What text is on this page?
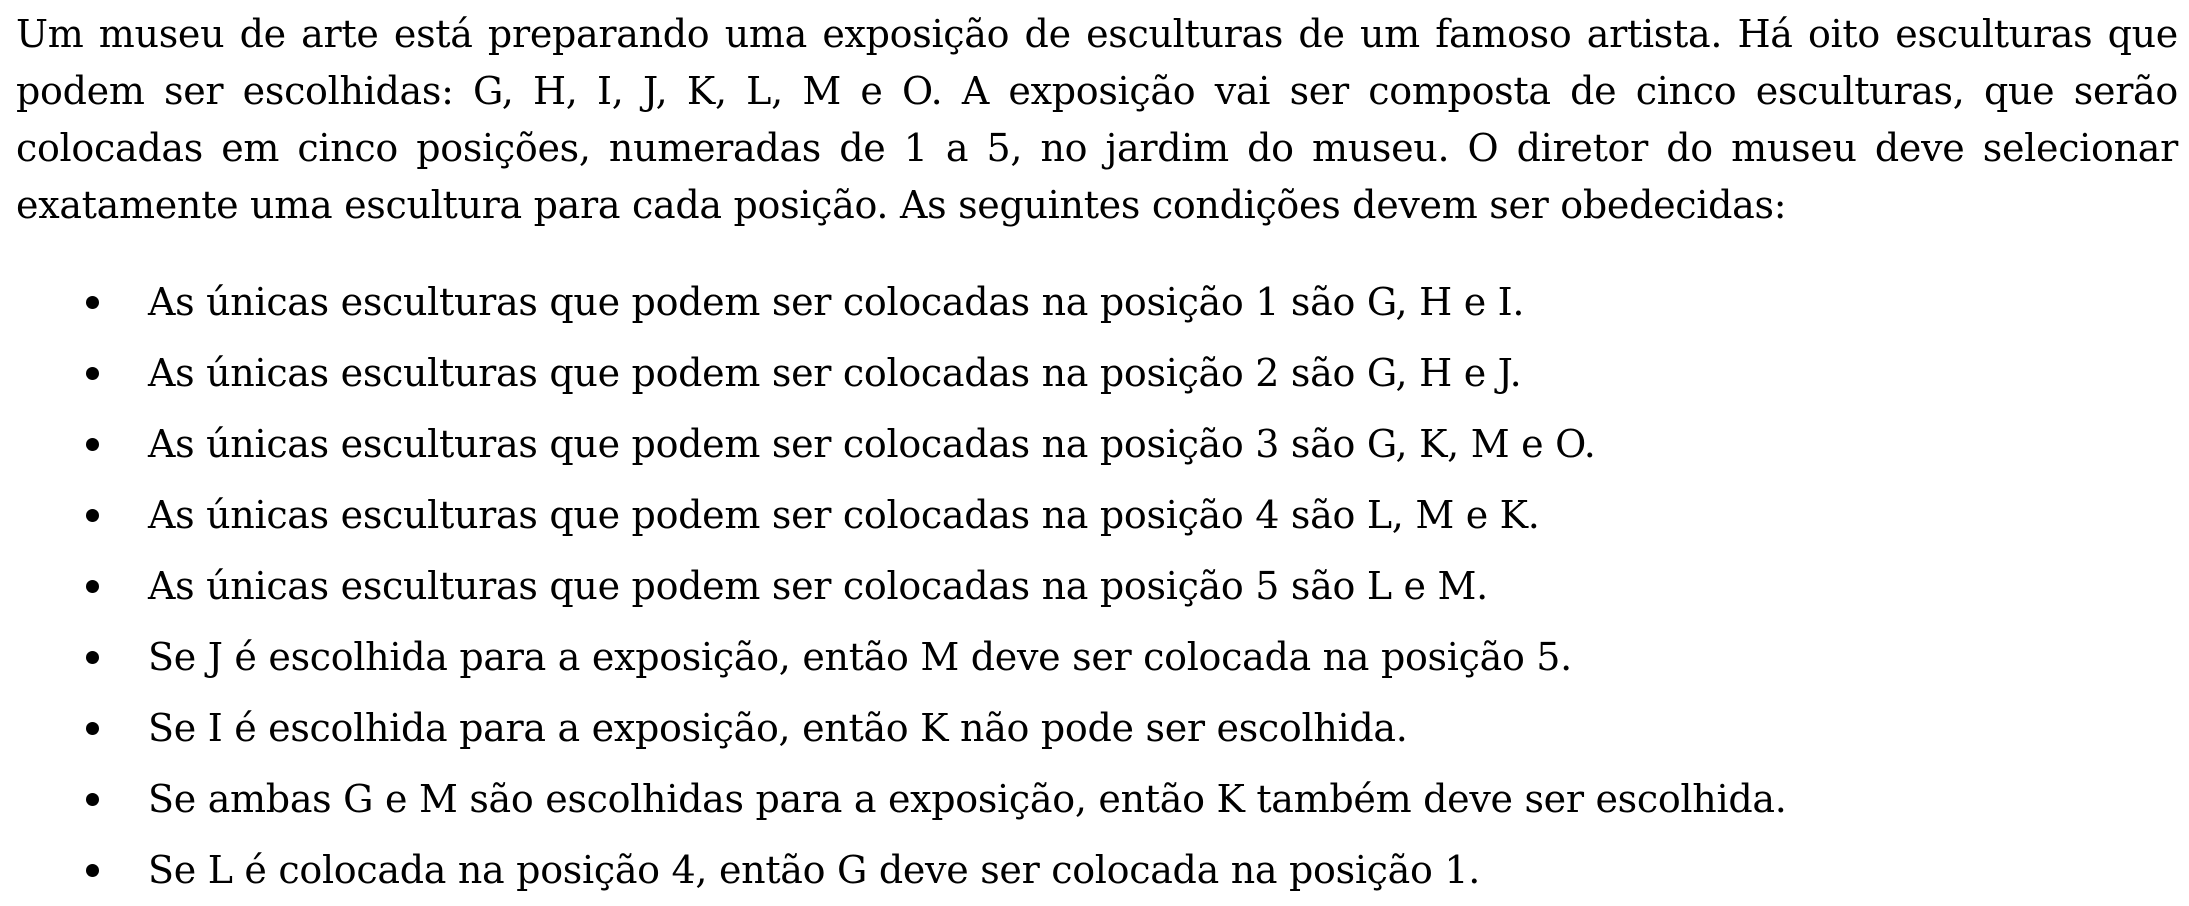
Um museu de arte está preparando uma exposição de esculturas de um famoso artista. Há oito esculturas que podem ser escolhidas: G, H, I, J, K, L, M e O. A exposição vai ser composta de cinco esculturas, que serão colocadas em cinco posições, numeradas de 1 a 5, no jardim do museu. O diretor do museu deve selecionar exatamente uma escultura para cada posição. As seguintes condições devem ser obedecidas:

As únicas esculturas que podem ser colocadas na posição 1 são G, H e I.
As únicas esculturas que podem ser colocadas na posição 2 são G, H e J.
As únicas esculturas que podem ser colocadas na posição 3 são G, K, M e O.
As únicas esculturas que podem ser colocadas na posição 4 são L, M e K.
As únicas esculturas que podem ser colocadas na posição 5 são L e M.
Se J é escolhida para a exposição, então M deve ser colocada na posição 5.
Se I é escolhida para a exposição, então K não pode ser escolhida.
Se ambas G e M são escolhidas para a exposição, então K também deve ser escolhida.
Se L é colocada na posição 4, então G deve ser colocada na posição 1.
